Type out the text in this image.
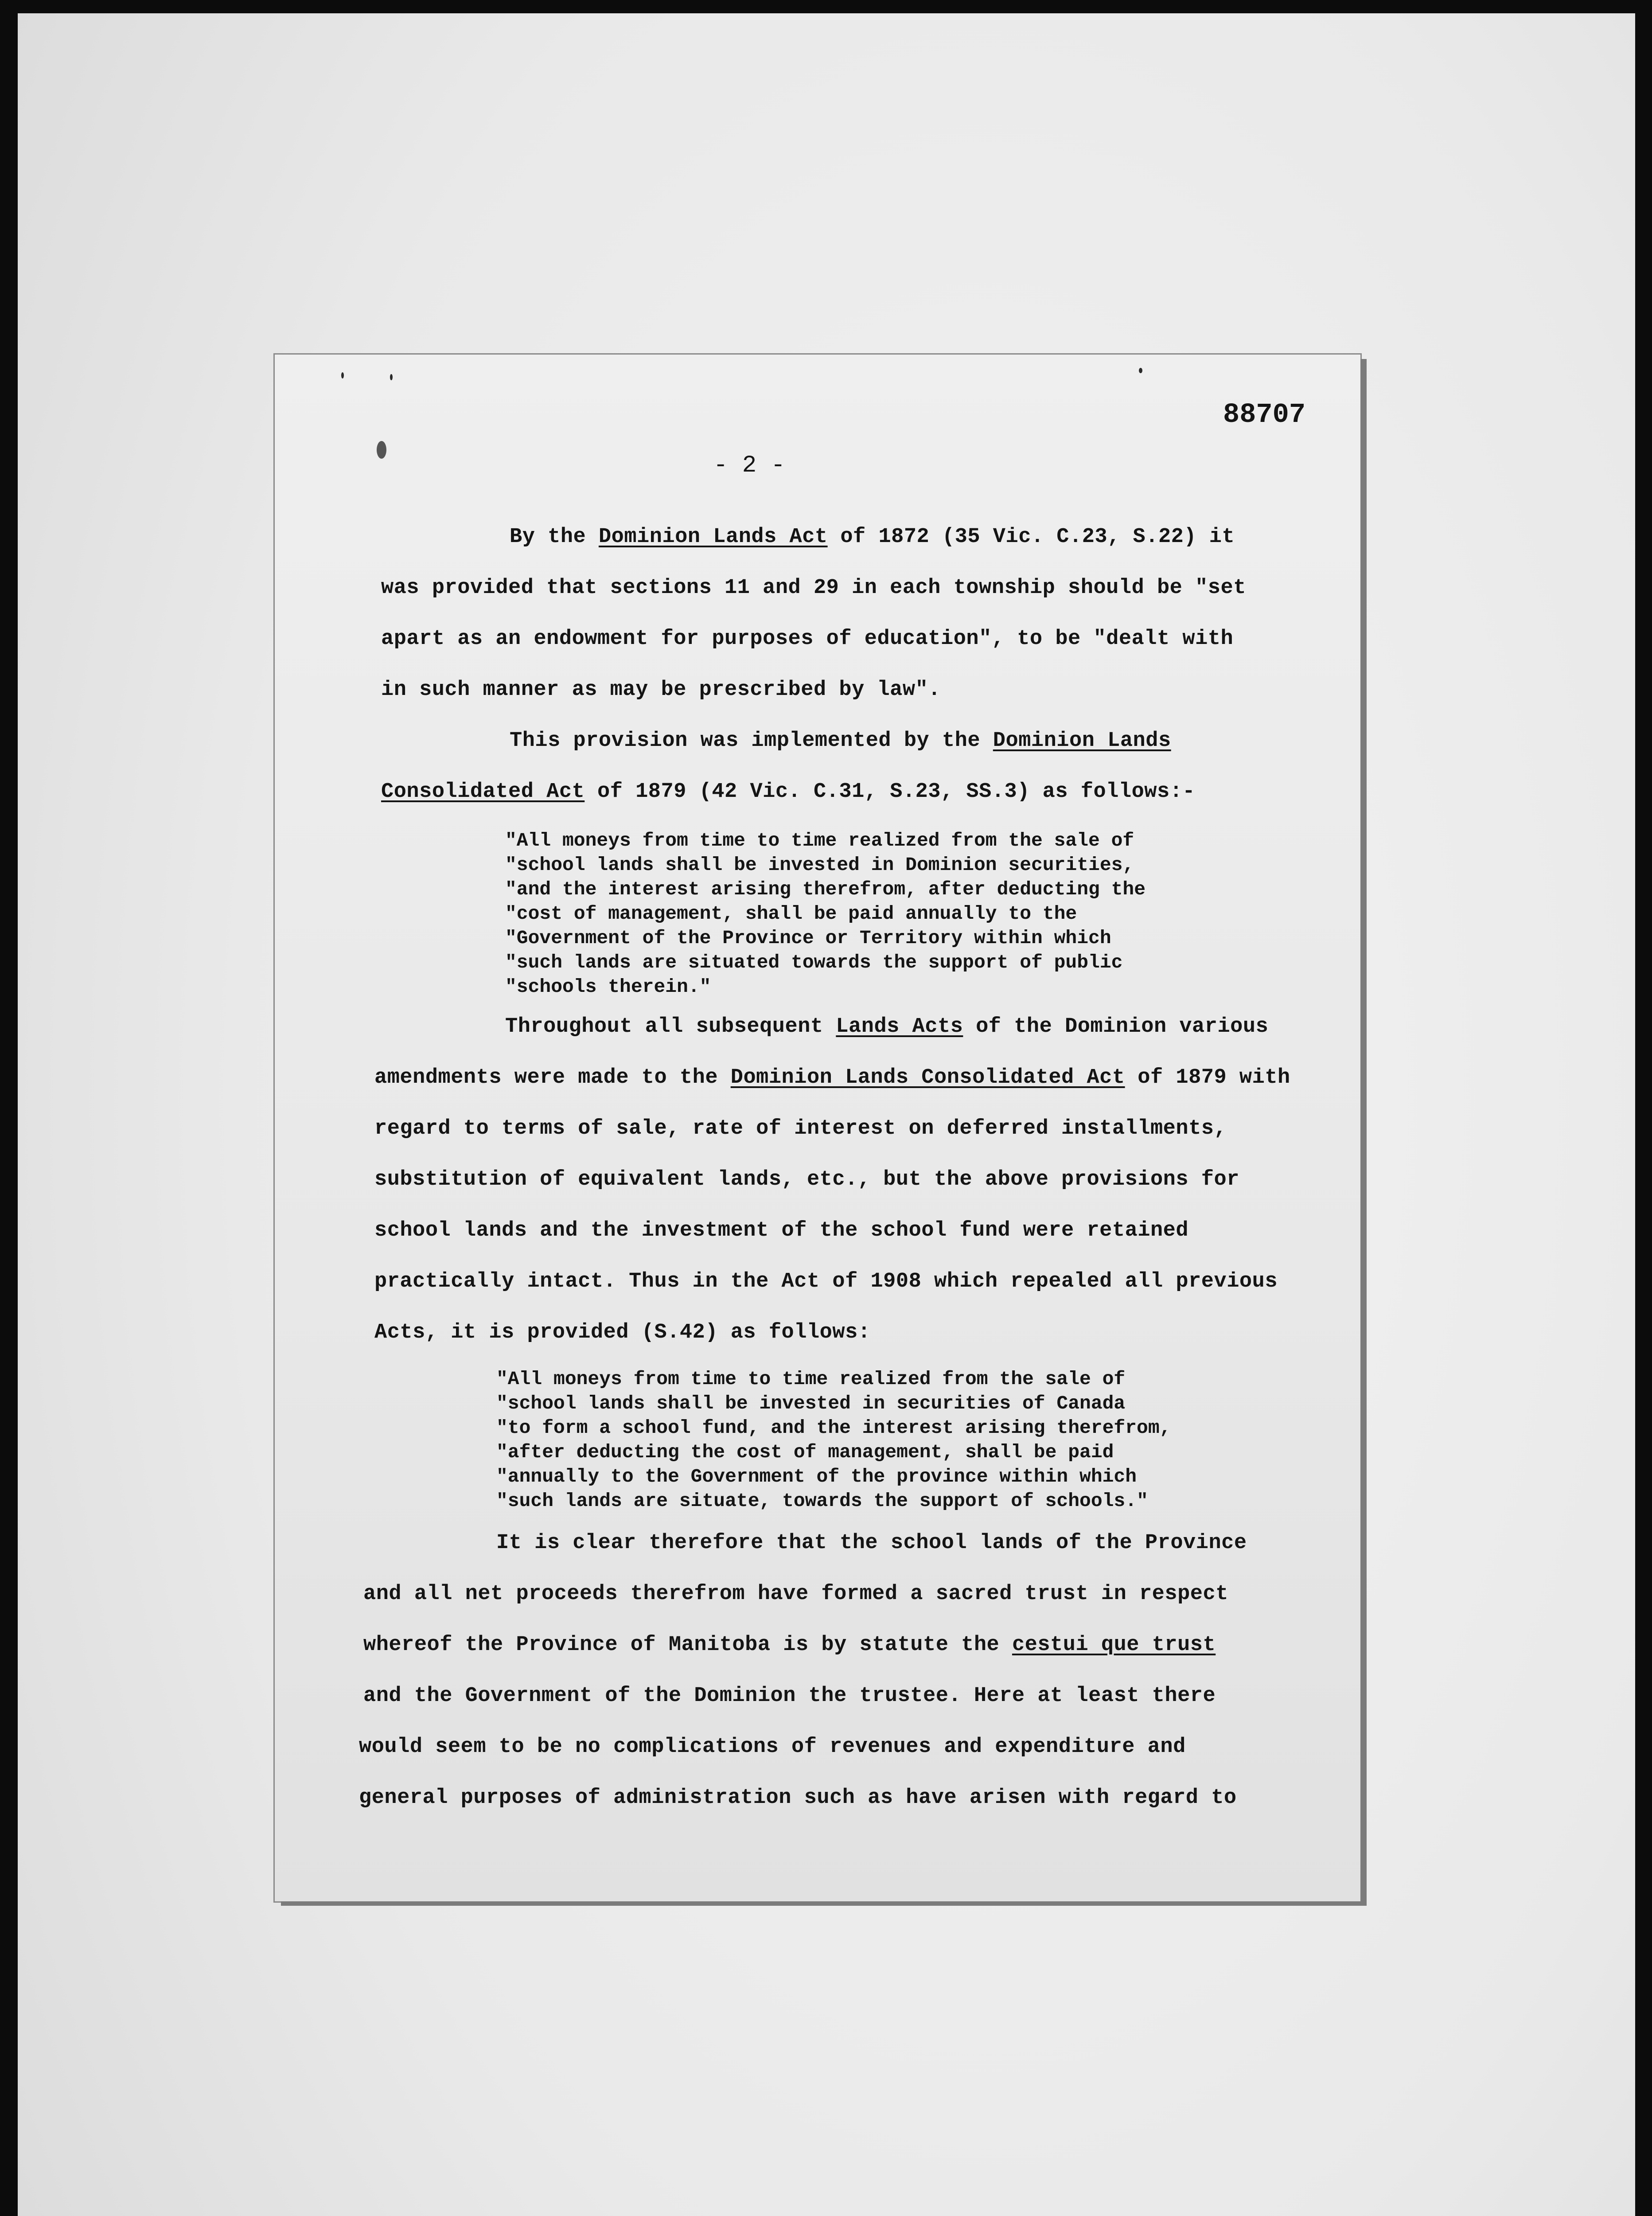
88707
- 2 -
By the Dominion Lands Act of 1872 (35 Vic. C.23, S.22) it
was provided that sections 11 and 29 in each township should be "set
apart as an endowment for purposes of education", to be "dealt with
in such manner as may be prescribed by law".
This provision was implemented by the Dominion Lands
Consolidated Act of 1879 (42 Vic. C.31, S.23, SS.3) as follows:-
"All moneys from time to time realized from the sale of
"school lands shall be invested in Dominion securities,
"and the interest arising therefrom, after deducting the
"cost of management, shall be paid annually to the
"Government of the Province or Territory within which
"such lands are situated towards the support of public
"schools therein."
Throughout all subsequent Lands Acts of the Dominion various
amendments were made to the Dominion Lands Consolidated Act of 1879 with
regard to terms of sale, rate of interest on deferred installments,
substitution of equivalent lands, etc., but the above provisions for
school lands and the investment of the school fund were retained
practically intact. Thus in the Act of 1908 which repealed all previous
Acts, it is provided (S.42) as follows:
"All moneys from time to time realized from the sale of
"school lands shall be invested in securities of Canada
"to form a school fund, and the interest arising therefrom,
"after deducting the cost of management, shall be paid
"annually to the Government of the province within which
"such lands are situate, towards the support of schools."
It is clear therefore that the school lands of the Province
and all net proceeds therefrom have formed a sacred trust in respect
whereof the Province of Manitoba is by statute the cestui que trust
and the Government of the Dominion the trustee. Here at least there
would seem to be no complications of revenues and expenditure and
general purposes of administration such as have arisen with regard to
